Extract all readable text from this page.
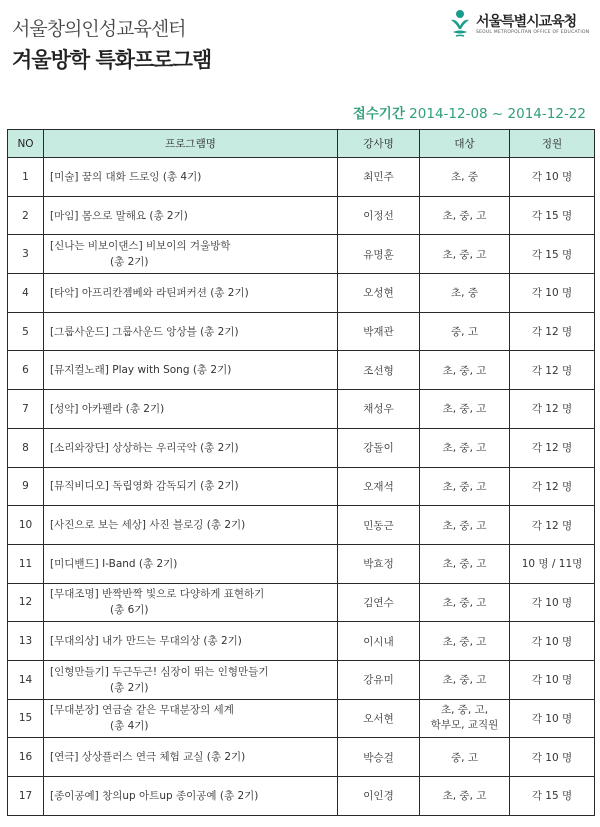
서울창의인성교육센터
겨울방학 특화프로그램
서울특별시교육청
SEOUL METROPOLITAN OFFICE OF EDUCATION
접수기간 2014-12-08 ~ 2014-12-22
NO	프로그램명	강사명	대상	정원
1	[미술] 꿈의 대화 드로잉 (총 4기)	최민주	초, 중	각 10 명
2	[마임] 몸으로 말해요 (총 2기)	이정선	초, 중, 고	각 15 명
3	[신나는 비보이댄스] 비보이의 겨울방학
(총 2기)	유명훈	초, 중, 고	각 15 명
4	[타악] 아프리칸젬베와 라틴퍼커션 (총 2기)	오성현	초, 중	각 10 명
5	[그룹사운드] 그룹사운드 앙상블 (총 2기)	박재관	중, 고	각 12 명
6	[뮤지컬노래] Play with Song (총 2기)	조선형	초, 중, 고	각 12 명
7	[성악] 아카펠라 (총 2기)	채성우	초, 중, 고	각 12 명
8	[소리와장단] 상상하는 우리국악 (총 2기)	강돌이	초, 중, 고	각 12 명
9	[뮤직비디오] 독립영화 감독되기 (총 2기)	오재석	초, 중, 고	각 12 명
10	[사진으로 보는 세상] 사진 블로깅 (총 2기)	민동근	초, 중, 고	각 12 명
11	[미디밴드] I-Band (총 2기)	박효정	초, 중, 고	10 명 / 11명
12	[무대조명] 반짝반짝 빛으로 다양하게 표현하기
(총 6기)	김연수	초, 중, 고	각 10 명
13	[무대의상] 내가 만드는 무대의상 (총 2기)	이시내	초, 중, 고	각 10 명
14	[인형만들기] 두근두근! 심장이 뛰는 인형만들기
(총 2기)	강유미	초, 중, 고	각 10 명
15	[무대분장] 연금술 같은 무대분장의 세계
(총 4기)	오서현	초, 중, 고,
학부모, 교직원	각 10 명
16	[연극] 상상플러스 연극 체험 교실 (총 2기)	박승걸	중, 고	각 10 명
17	[종이공예] 창의up 아트up 종이공예 (총 2기)	이인경	초, 중, 고	각 15 명
